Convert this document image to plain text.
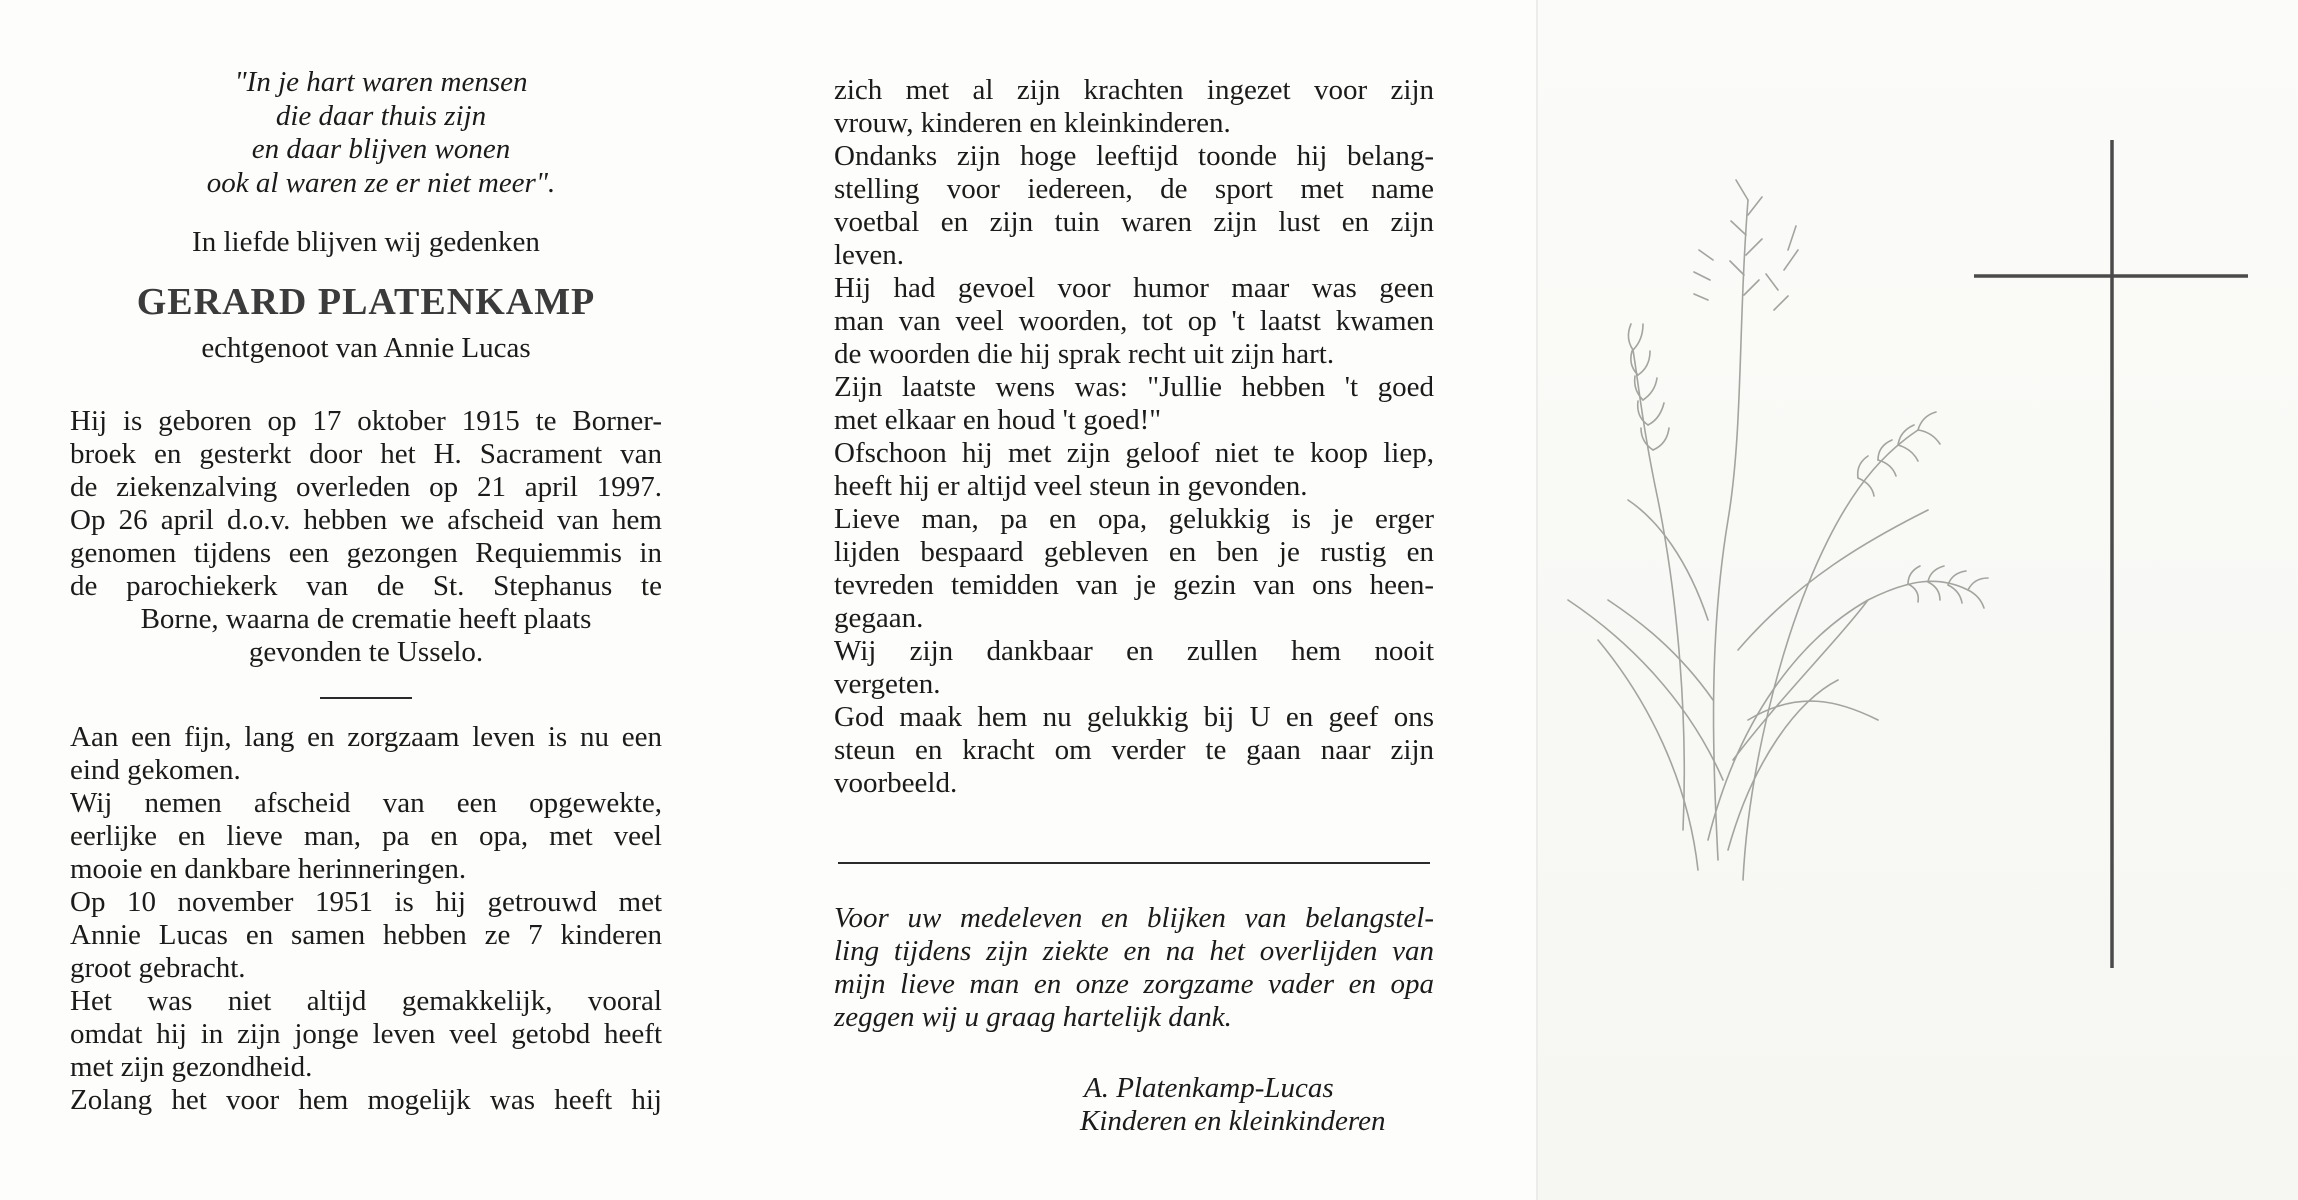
"In je hart waren mensen
die daar thuis zijn
en daar blijven wonen
ook al waren ze er niet meer".
In liefde blijven wij gedenken
GERARD PLATENKAMP
echtgenoot van Annie Lucas
Hij is geboren op 17 oktober 1915 te Borner-
broek en gesterkt door het H. Sacrament van
de ziekenzalving overleden op 21 april 1997.
Op 26 april d.o.v. hebben we afscheid van hem
genomen tijdens een gezongen Requiemmis in
de parochiekerk van de St. Stephanus te
Borne, waarna de crematie heeft plaats
gevonden te Usselo.
Aan een fijn, lang en zorgzaam leven is nu een
eind gekomen.
Wij nemen afscheid van een opgewekte,
eerlijke en lieve man, pa en opa, met veel
mooie en dankbare herinneringen.
Op 10 november 1951 is hij getrouwd met
Annie Lucas en samen hebben ze 7 kinderen
groot gebracht.
Het was niet altijd gemakkelijk, vooral
omdat hij in zijn jonge leven veel getobd heeft
met zijn gezondheid.
Zolang het voor hem mogelijk was heeft hij
zich met al zijn krachten ingezet voor zijn
vrouw, kinderen en kleinkinderen.
Ondanks zijn hoge leeftijd toonde hij belang-
stelling voor iedereen, de sport met name
voetbal en zijn tuin waren zijn lust en zijn
leven.
Hij had gevoel voor humor maar was geen
man van veel woorden, tot op 't laatst kwamen
de woorden die hij sprak recht uit zijn hart.
Zijn laatste wens was: "Jullie hebben 't goed
met elkaar en houd 't goed!"
Ofschoon hij met zijn geloof niet te koop liep,
heeft hij er altijd veel steun in gevonden.
Lieve man, pa en opa, gelukkig is je erger
lijden bespaard gebleven en ben je rustig en
tevreden temidden van je gezin van ons heen-
gegaan.
Wij zijn dankbaar en zullen hem nooit
vergeten.
God maak hem nu gelukkig bij U en geef ons
steun en kracht om verder te gaan naar zijn
voorbeeld.
Voor uw medeleven en blijken van belangstel-
ling tijdens zijn ziekte en na het overlijden van
mijn lieve man en onze zorgzame vader en opa
zeggen wij u graag hartelijk dank.
A. Platenkamp-Lucas
Kinderen en kleinkinderen
